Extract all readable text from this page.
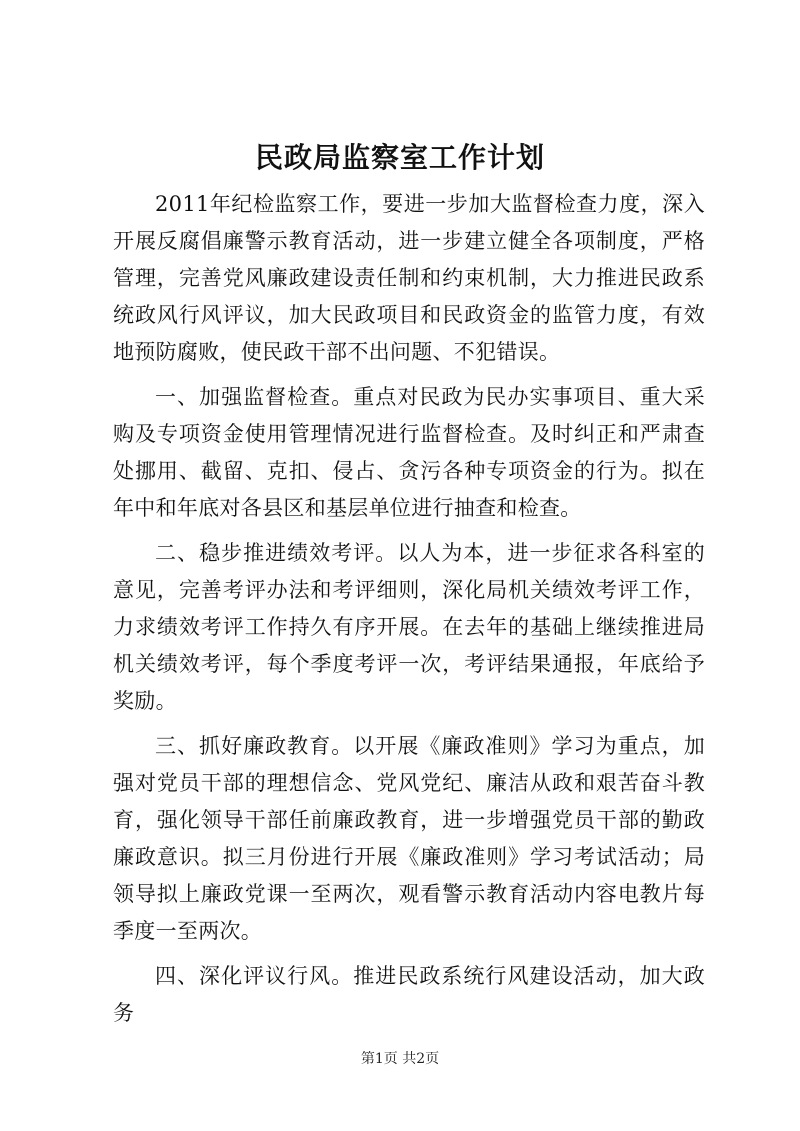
民政局监察室工作计划

2011年纪检监察工作，要进一步加大监督检查力度，深入开展反腐倡廉警示教育活动，进一步建立健全各项制度，严格管理，完善党风廉政建设责任制和约束机制，大力推进民政系统政风行风评议，加大民政项目和民政资金的监管力度，有效地预防腐败，使民政干部不出问题、不犯错误。

一、加强监督检查。重点对民政为民办实事项目、重大采购及专项资金使用管理情况进行监督检查。及时纠正和严肃查处挪用、截留、克扣、侵占、贪污各种专项资金的行为。拟在年中和年底对各县区和基层单位进行抽查和检查。

二、稳步推进绩效考评。以人为本，进一步征求各科室的意见，完善考评办法和考评细则，深化局机关绩效考评工作，力求绩效考评工作持久有序开展。在去年的基础上继续推进局机关绩效考评，每个季度考评一次，考评结果通报，年底给予奖励。

三、抓好廉政教育。以开展《廉政准则》学习为重点，加强对党员干部的理想信念、党风党纪、廉洁从政和艰苦奋斗教育，强化领导干部任前廉政教育，进一步增强党员干部的勤政廉政意识。拟三月份进行开展《廉政准则》学习考试活动；局领导拟上廉政党课一至两次，观看警示教育活动内容电教片每季度一至两次。

四、深化评议行风。推进民政系统行风建设活动，加大政务

第1页 共2页
